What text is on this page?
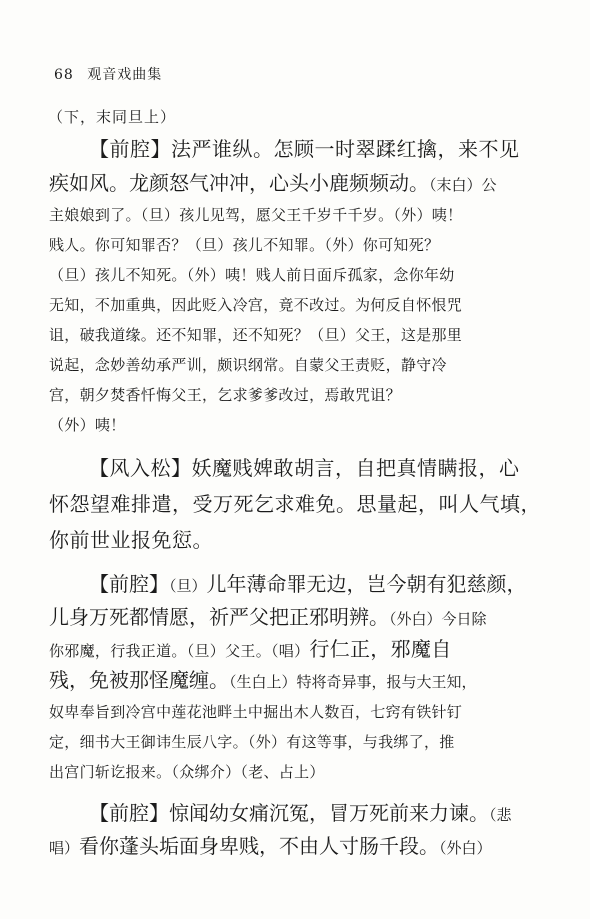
68 观音戏曲集
（下，末同旦上）
【前腔】法严谁纵。怎顾一时翠蹂红擒，来不见
疾如风。龙颜怒气冲冲，心头小鹿频频动。（末白）公
主娘娘到了。（旦）孩儿见驾，愿父王千岁千千岁。（外）咦！
贱人。你可知罪否？（旦）孩儿不知罪。（外）你可知死？
（旦）孩儿不知死。（外）咦！贱人前日面斥孤家，念你年幼
无知，不加重典，因此贬入冷宫，竟不改过。为何反自怀恨咒
诅，破我道缘。还不知罪，还不知死？（旦）父王，这是那里
说起，念妙善幼承严训，颇识纲常。自蒙父王责贬，静守冷
宫，朝夕焚香忏悔父王，乞求爹爹改过，焉敢咒诅？
（外）咦！
【风入松】妖魔贱婢敢胡言，自把真情瞒报，心
怀怨望难排遣，受万死乞求难免。思量起，叫人气填，
你前世业报免愆。
【前腔】（旦）儿年薄命罪无边，岂今朝有犯慈颜，
儿身万死都情愿，祈严父把正邪明辨。（外白）今日除
你邪魔，行我正道。（旦）父王。（唱）行仁正，邪魔自
残，免被那怪魔缠。（生白上）特将奇异事，报与大王知，
奴卑奉旨到冷宫中莲花池畔土中掘出木人数百，七窍有铁针钉
定，细书大王御讳生辰八字。（外）有这等事，与我绑了，推
出宫门斩讫报来。（众绑介）（老、占上）
【前腔】惊闻幼女痛沉冤，冒万死前来力谏。（悲
唱）看你蓬头垢面身卑贱，不由人寸肠千段。（外白）
